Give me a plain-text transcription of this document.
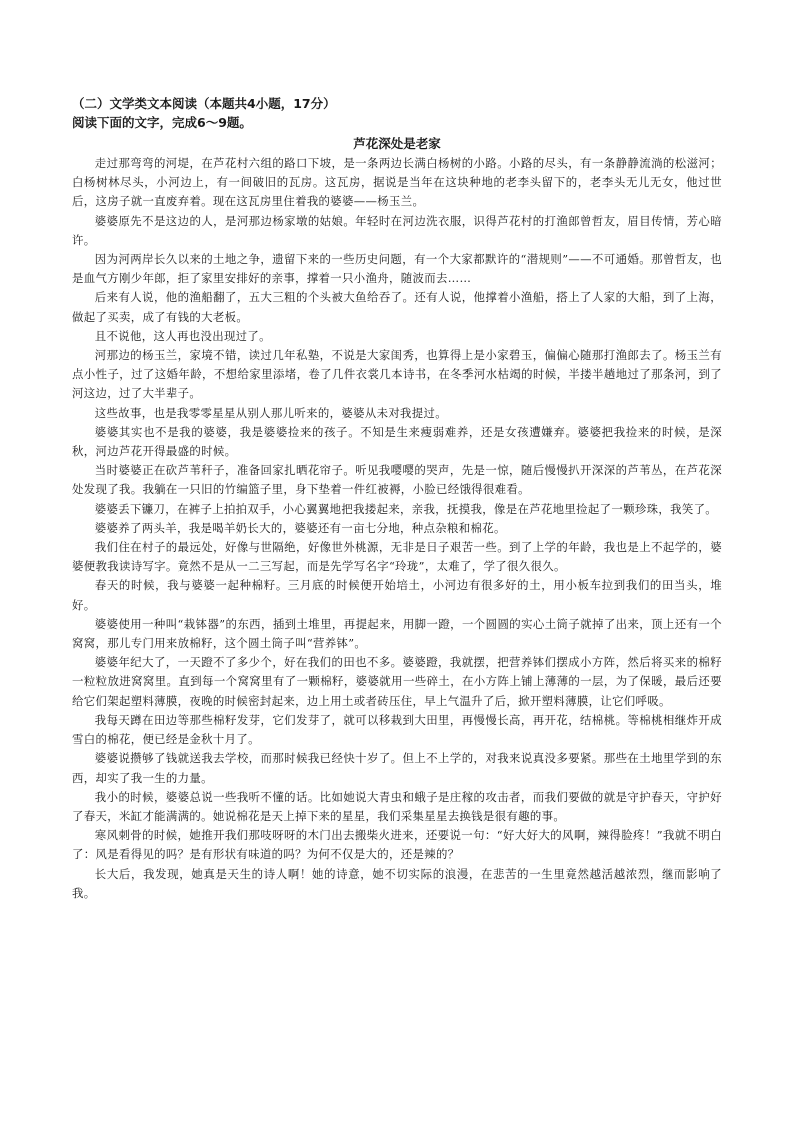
（二）文学类文本阅读（本题共4小题，17分）

阅读下面的文字，完成6～9题。

芦花深处是老家

走过那弯弯的河堤，在芦花村六组的路口下坡，是一条两边长满白杨树的小路。小路的尽头，有一条静静流淌的松滋河；白杨树林尽头，小河边上，有一间破旧的瓦房。这瓦房，据说是当年在这块种地的老李头留下的，老李头无儿无女，他过世后，这房子就一直废弃着。现在这瓦房里住着我的婆婆——杨玉兰。

婆婆原先不是这边的人，是河那边杨家墩的姑娘。年轻时在河边洗衣服，识得芦花村的打渔郎曾哲友，眉目传情，芳心暗许。

因为河两岸长久以来的土地之争，遗留下来的一些历史问题，有一个大家都默许的“潜规则”——不可通婚。那曾哲友，也是血气方刚少年郎，拒了家里安排好的亲事，撑着一只小渔舟，随波而去……

后来有人说，他的渔船翻了，五大三粗的个头被大鱼给吞了。还有人说，他撑着小渔船，搭上了人家的大船，到了上海，做起了买卖，成了有钱的大老板。

且不说他，这人再也没出现过了。

河那边的杨玉兰，家境不错，读过几年私塾，不说是大家闺秀，也算得上是小家碧玉，偏偏心随那打渔郎去了。杨玉兰有点小性子，过了这婚年龄，不想给家里添堵，卷了几件衣裳几本诗书，在冬季河水枯竭的时候，半搂半趟地过了那条河，到了河这边，过了大半辈子。

这些故事，也是我零零星星从别人那儿听来的，婆婆从未对我提过。

婆婆其实也不是我的婆婆，我是婆婆捡来的孩子。不知是生来瘦弱难养，还是女孩遭嫌弃。婆婆把我捡来的时候，是深秋，河边芦花开得最盛的时候。

当时婆婆正在砍芦苇秆子，准备回家扎晒花帘子。听见我嘤嘤的哭声，先是一惊，随后慢慢扒开深深的芦苇丛，在芦花深处发现了我。我躺在一只旧的竹编篮子里，身下垫着一件红被褥，小脸已经饿得很难看。

婆婆丢下镰刀，在裤子上拍拍双手，小心翼翼地把我搂起来，亲我，抚摸我，像是在芦花地里捡起了一颗珍珠，我笑了。

婆婆养了两头羊，我是喝羊奶长大的，婆婆还有一亩七分地，种点杂粮和棉花。

我们住在村子的最远处，好像与世隔绝，好像世外桃源，无非是日子艰苦一些。到了上学的年龄，我也是上不起学的，婆婆便教我读诗写字。竟然不是从一二三写起，而是先学写名字“玲珑”，太难了，学了很久很久。

春天的时候，我与婆婆一起种棉籽。三月底的时候便开始培土，小河边有很多好的土，用小板车拉到我们的田当头，堆好。

婆婆使用一种叫“栽钵器”的东西，插到土堆里，再提起来，用脚一蹬，一个圆圆的实心土筒子就掉了出来，顶上还有一个窝窝，那儿专门用来放棉籽，这个圆土筒子叫“营养钵”。

婆婆年纪大了，一天蹬不了多少个，好在我们的田也不多。婆婆蹬，我就摆，把营养钵们摆成小方阵，然后将买来的棉籽一粒粒放进窝窝里。直到每一个窝窝里有了一颗棉籽，婆婆就用一些碎土，在小方阵上铺上薄薄的一层，为了保暖，最后还要给它们架起塑料薄膜，夜晚的时候密封起来，边上用土或者砖压住，早上气温升了后，掀开塑料薄膜，让它们呼吸。

我每天蹲在田边等那些棉籽发芽，它们发芽了，就可以移栽到大田里，再慢慢长高，再开花，结棉桃。等棉桃相继炸开成雪白的棉花，便已经是金秋十月了。

婆婆说攒够了钱就送我去学校，而那时候我已经快十岁了。但上不上学的，对我来说真没多要紧。那些在土地里学到的东西，却实了我一生的力量。

我小的时候，婆婆总说一些我听不懂的话。比如她说大青虫和蛾子是庄稼的攻击者，而我们要做的就是守护春天，守护好了春天，米缸才能满满的。她说棉花是天上掉下来的星星，我们采集星星去换钱是很有趣的事。

寒风刺骨的时候，她推开我们那吱呀呀的木门出去搬柴火进来，还要说一句：“好大好大的风啊，辣得脸疼！”我就不明白了：风是看得见的吗？是有形状有味道的吗？为何不仅是大的，还是辣的？

长大后，我发现，她真是天生的诗人啊！她的诗意，她不切实际的浪漫，在悲苦的一生里竟然越活越浓烈，继而影响了我。
